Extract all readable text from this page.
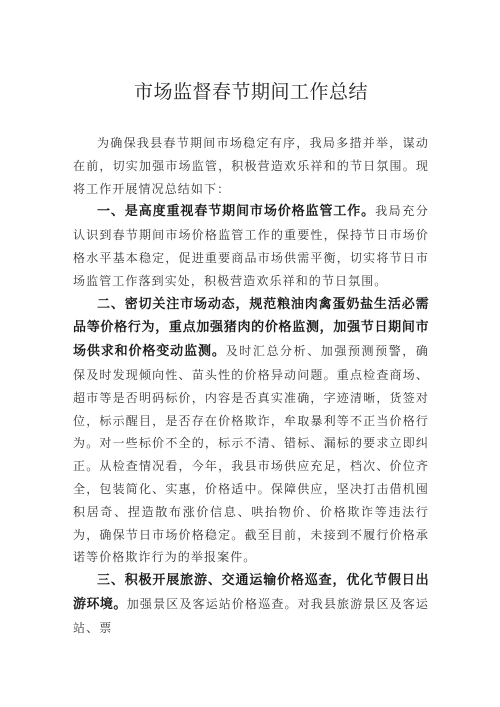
市场监督春节期间工作总结

为确保我县春节期间市场稳定有序，我局多措并举，谋动在前，切实加强市场监管，积极营造欢乐祥和的节日氛围。现将工作开展情况总结如下：

一、是高度重视春节期间市场价格监管工作。我局充分认识到春节期间市场价格监管工作的重要性，保持节日市场价格水平基本稳定，促进重要商品市场供需平衡，切实将节日市场监管工作落到实处，积极营造欢乐祥和的节日氛围。

二、密切关注市场动态，规范粮油肉禽蛋奶盐生活必需品等价格行为，重点加强猪肉的价格监测，加强节日期间市场供求和价格变动监测。及时汇总分析、加强预测预警，确保及时发现倾向性、苗头性的价格异动问题。重点检查商场、超市等是否明码标价，内容是否真实准确，字迹清晰，货签对位，标示醒目，是否存在价格欺诈，牟取暴利等不正当价格行为。对一些标价不全的，标示不清、错标、漏标的要求立即纠正。从检查情况看，今年，我县市场供应充足，档次、价位齐全，包装简化、实惠，价格适中。保障供应，坚决打击借机囤积居奇、捏造散布涨价信息、哄抬物价、价格欺诈等违法行为，确保节日市场价格稳定。截至目前，未接到不履行价格承诺等价格欺诈行为的举报案件。

三、积极开展旅游、交通运输价格巡查，优化节假日出游环境。加强景区及客运站价格巡查。对我县旅游景区及客运站、票
